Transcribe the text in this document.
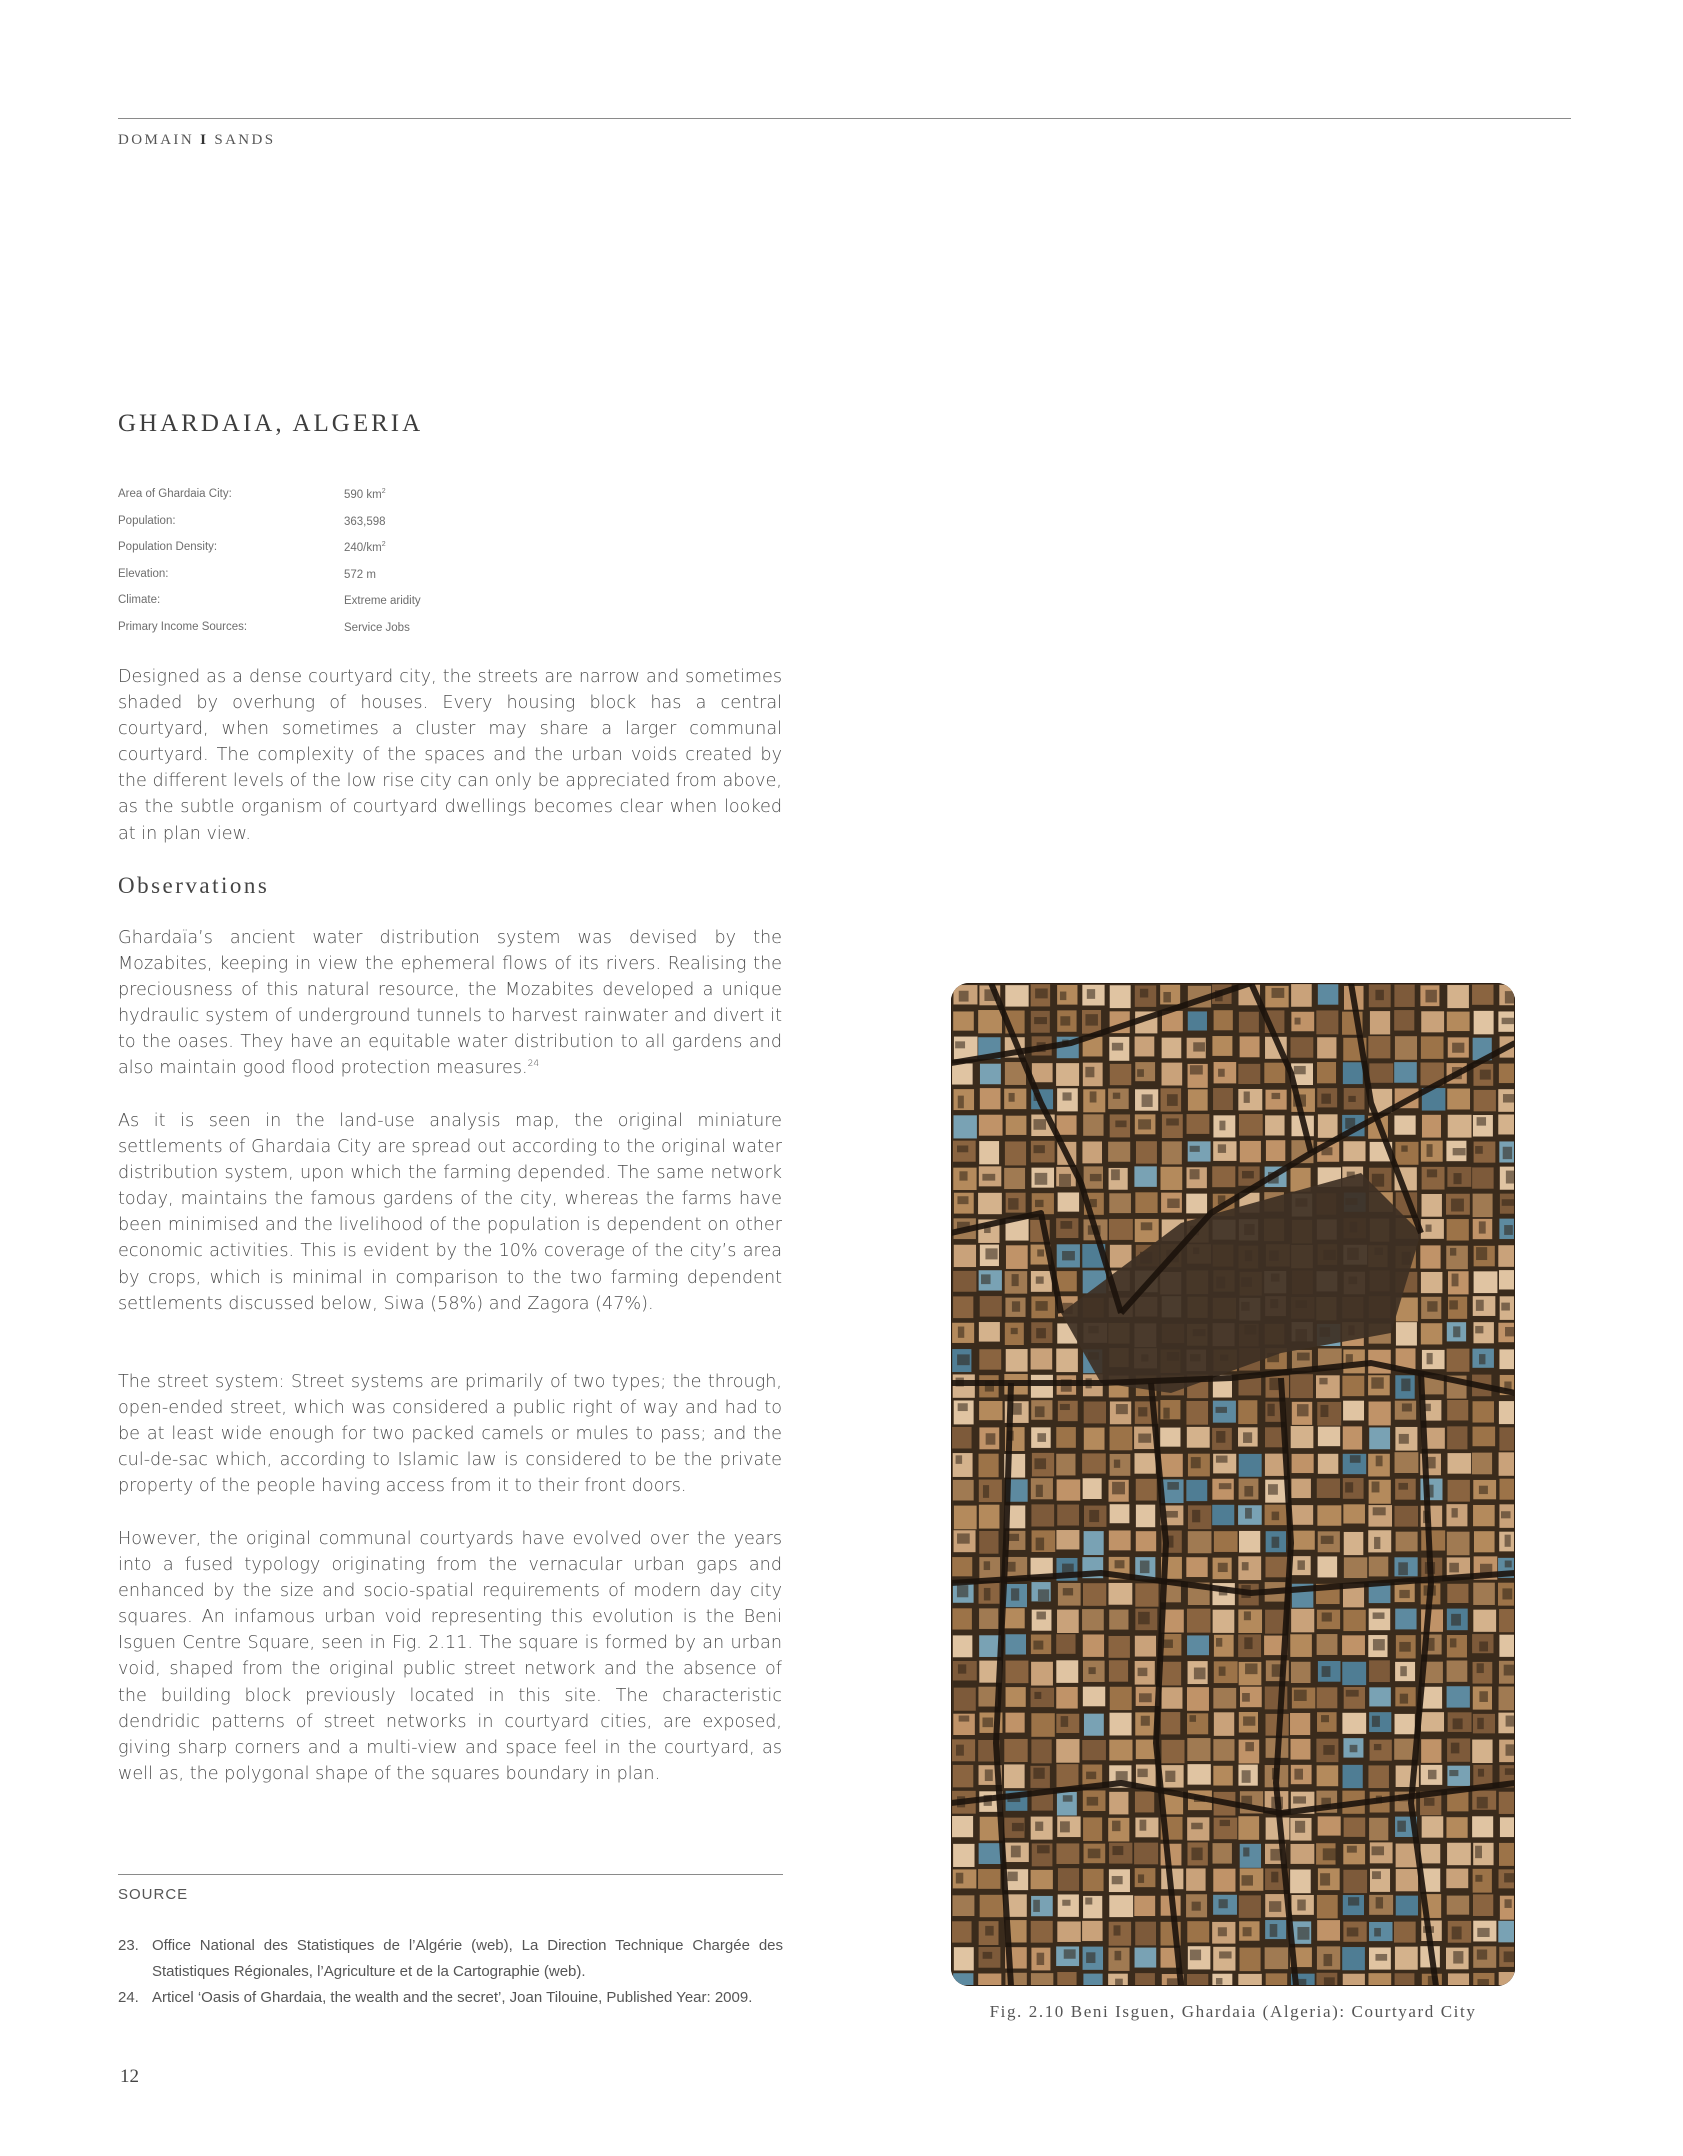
DOMAIN I SANDS
GHARDAIA, ALGERIA
Area of Ghardaia City:	590 $km^2$
Population:	363,598
Population Density:	$240/km^2$
Elevation:	572 m
Climate:	Extreme aridity
Primary Income Sources:	Service Jobs

Designed as a dense courtyard city, the streets are narrow and sometimes shaded by overhung of houses. Every housing block has a central courtyard, when sometimes a cluster may share a larger communal courtyard. The complexity of the spaces and the urban voids created by the different levels of the low rise city can only be appreciated from above, as the subtle organism of courtyard dwellings becomes clear when looked at in plan view.

Observations

Ghardaïa’s ancient water distribution system was devised by the Mozabites, keeping in view the ephemeral flows of its rivers. Realising the preciousness of this natural resource, the Mozabites developed a unique hydraulic system of underground tunnels to harvest rainwater and divert it to the oases. They have an equitable water distribution to all gardens and also maintain good flood protection measures.$^{24}$

As it is seen in the land-use analysis map, the original miniature settlements of Ghardaia City are spread out according to the original water distribution system, upon which the farming depended. The same network today, maintains the famous gardens of the city, whereas the farms have been minimised and the livelihood of the population is dependent on other economic activities. This is evident by the 10% coverage of the city’s area by crops, which is minimal in comparison to the two farming dependent settlements discussed below, Siwa (58%) and Zagora (47%).

The street system: Street systems are primarily of two types; the through, open-ended street, which was considered a public right of way and had to be at least wide enough for two packed camels or mules to pass; and the cul-de-sac which, according to Islamic law is considered to be the private property of the people having access from it to their front doors.

However, the original communal courtyards have evolved over the years into a fused typology originating from the vernacular urban gaps and enhanced by the size and socio-spatial requirements of modern day city squares. An infamous urban void representing this evolution is the Beni Isguen Centre Square, seen in Fig. 2.11. The square is formed by an urban void, shaped from the original public street network and the absence of the building block previously located in this site. The characteristic dendridic patterns of street networks in courtyard cities, are exposed, giving sharp corners and a multi-view and space feel in the courtyard, as well as, the polygonal shape of the squares boundary in plan.

SOURCE
23. Office National des Statistiques de l’Algérie (web), La Direction Technique Chargée des Statistiques Régionales, l’Agriculture et de la Cartographie (web).
24. Articel ‘Oasis of Ghardaia, the wealth and the secret’, Joan Tilouine, Published Year: 2009.
12
Fig. 2.10 Beni Isguen, Ghardaia (Algeria): Courtyard City
